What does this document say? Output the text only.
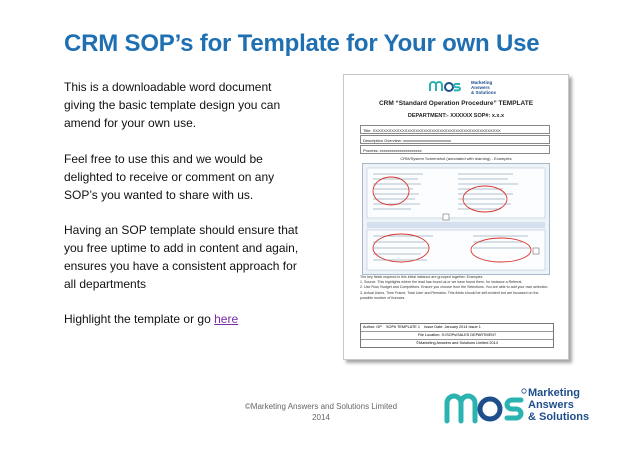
CRM SOP’s for Template for Your own Use
This is a downloadable word document giving the basic template design you can amend for your own use.
Feel free to use this and we would be delighted to receive or comment on any SOP’s you wanted to share with us.
Having an SOP template should ensure that you free uptime to add in content and again, ensures you have a consistent approach for all departments
Highlight the template or go here
Marketing
Answers
& Solutions
CRM “Standard Operation Procedure” TEMPLATE
DEPARTMENT:- XXXXXX SOP#: x.x.x
Title: XXXXXXXXXXXXXXXXXXXXXXXXXXXXXXXXXXXXXXXXXXXXXXXX
Description Overview: xxxxxxxxxxxxxxxxxxxxxxxx
Process: xxxxxxxxxxxxxxxxxxxxx
CRM/System Screenshot (annotated with learning) - Examples
The key fields required in this initial instance are grouped together. Examples
1. Source. This highlights where the lead has found us or we have found them, for instance a Referral.
2. Use Row, Budget and Competitors. Ensure you choose from the Selections. You are able to add your own selection.
3. Actual Users, Time Frame, Total User and Remarks. This fields should be self-evident but are focussed on the possible number of licences.
Author: GP SOP# TEMPLATE 1 Issue Date: January 2014 Issue 1
File Location: S:/SOPs/SALES DEPARTMENT
©Marketing Answers and Solutions Limited 2014
©Marketing Answers and Solutions Limited
2014
Marketing
Answers
& Solutions
